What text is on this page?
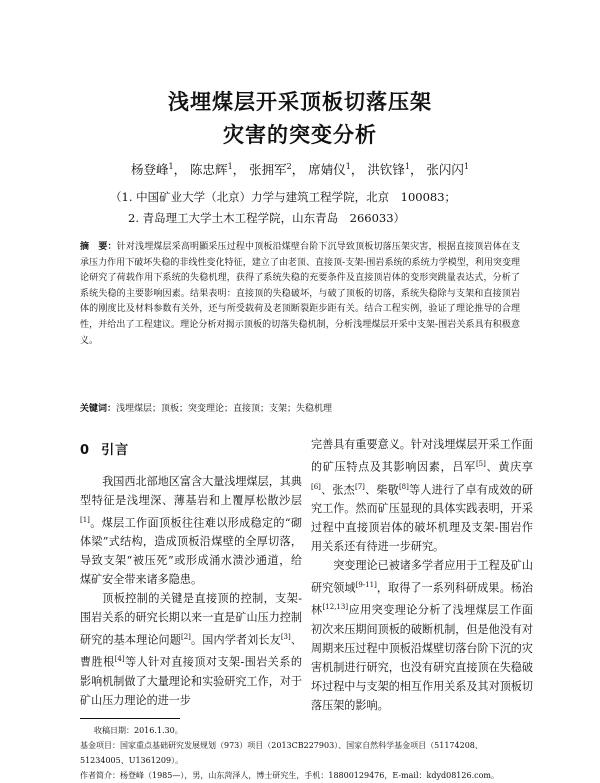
浅埋煤层开采顶板切落压架
灾害的突变分析
杨登峰$^1$， 陈忠辉$^1$， 张拥军$^2$， 席婧仪$^1$， 洪钦锋$^1$， 张闪闪$^1$
（1. 中国矿业大学（北京）力学与建筑工程学院，北京　100083；
2. 青岛理工大学土木工程学院，山东青岛　266033）
摘　要：针对浅埋煤层采高明顯采压过程中顶板沿煤壁台阶下沉导致顶板切落压架灾害，根据直接顶岩体在支承压力作用下破坏失稳的非线性变化特征，建立了由老顶、直接顶-支架-围岩系统的系统力学模型，利用突变理论研究了荷载作用下系统的失稳机理，获得了系统失稳的充要条件及直接顶岩体的变形突跳量表达式，分析了系统失稳的主要影响因素。结果表明：直接顶的失稳破坏，与破了顶板的切落，系统失稳除与支架和直接顶岩体的刚度比及材料参数有关外，还与所受载荷及老顶断裂距步距有关。结合工程实例，验证了理论推导的合理性，并给出了工程建议。理论分析对揭示顶板的切落失稳机制，分析浅埋煤层开采中支架-围岩关系具有积极意义。
关键词：浅埋煤层；顶板；突变理论；直接顶；支架；失稳机理
0 引言

我国西北部地区富含大量浅埋煤层，其典型特征是浅埋深、薄基岩和上覆厚松散沙层[1]。煤层工作面顶板往往难以形成稳定的“砌体梁”式结构，造成顶板沿煤壁的全厚切落，导致支架“被压死”或形成涌水溃沙通道，给煤矿安全带来诸多隐患。

顶板控制的关键是直接顶的控制，支架-围岩关系的研究长期以来一直是矿山压力控制研究的基本理论问题[2]。国内学者刘长友[3]、曹胜根[4]等人针对直接顶对支架-围岩关系的影响机制做了大量理论和实验研究工作，对于矿山压力理论的进一步

完善具有重要意义。针对浅埋煤层开采工作面的矿压特点及其影响因素，吕军[5]、黄庆享[6]、张杰[7]、柴敬[8]等人进行了卓有成效的研究工作。然而矿压显现的具体实践表明，开采过程中直接顶岩体的破坏机理及支架-围岩作用关系还有待进一步研究。

突变理论已被诸多学者应用于工程及矿山研究领域[9-11]，取得了一系列科研成果。杨治林[12,13]应用突变理论分析了浅埋煤层工作面初次来压期间顶板的破断机制，但是他没有对周期来压过程中顶板沿煤壁切落台阶下沉的灾害机制进行研究，也没有研究直接顶在失稳破坏过程中与支架的相互作用关系及其对顶板切落压架的影响。

收稿日期：2016.1.30。
基金项目：国家重点基础研究发展规划（973）项目（2013CB227903）、国家自然科学基金项目（51174208、51234005、U1361209）。
作者简介：杨登峰（1985—），男，山东菏泽人，博士研究生，手机：18800129476，E-mail：kdyd08126.com。
